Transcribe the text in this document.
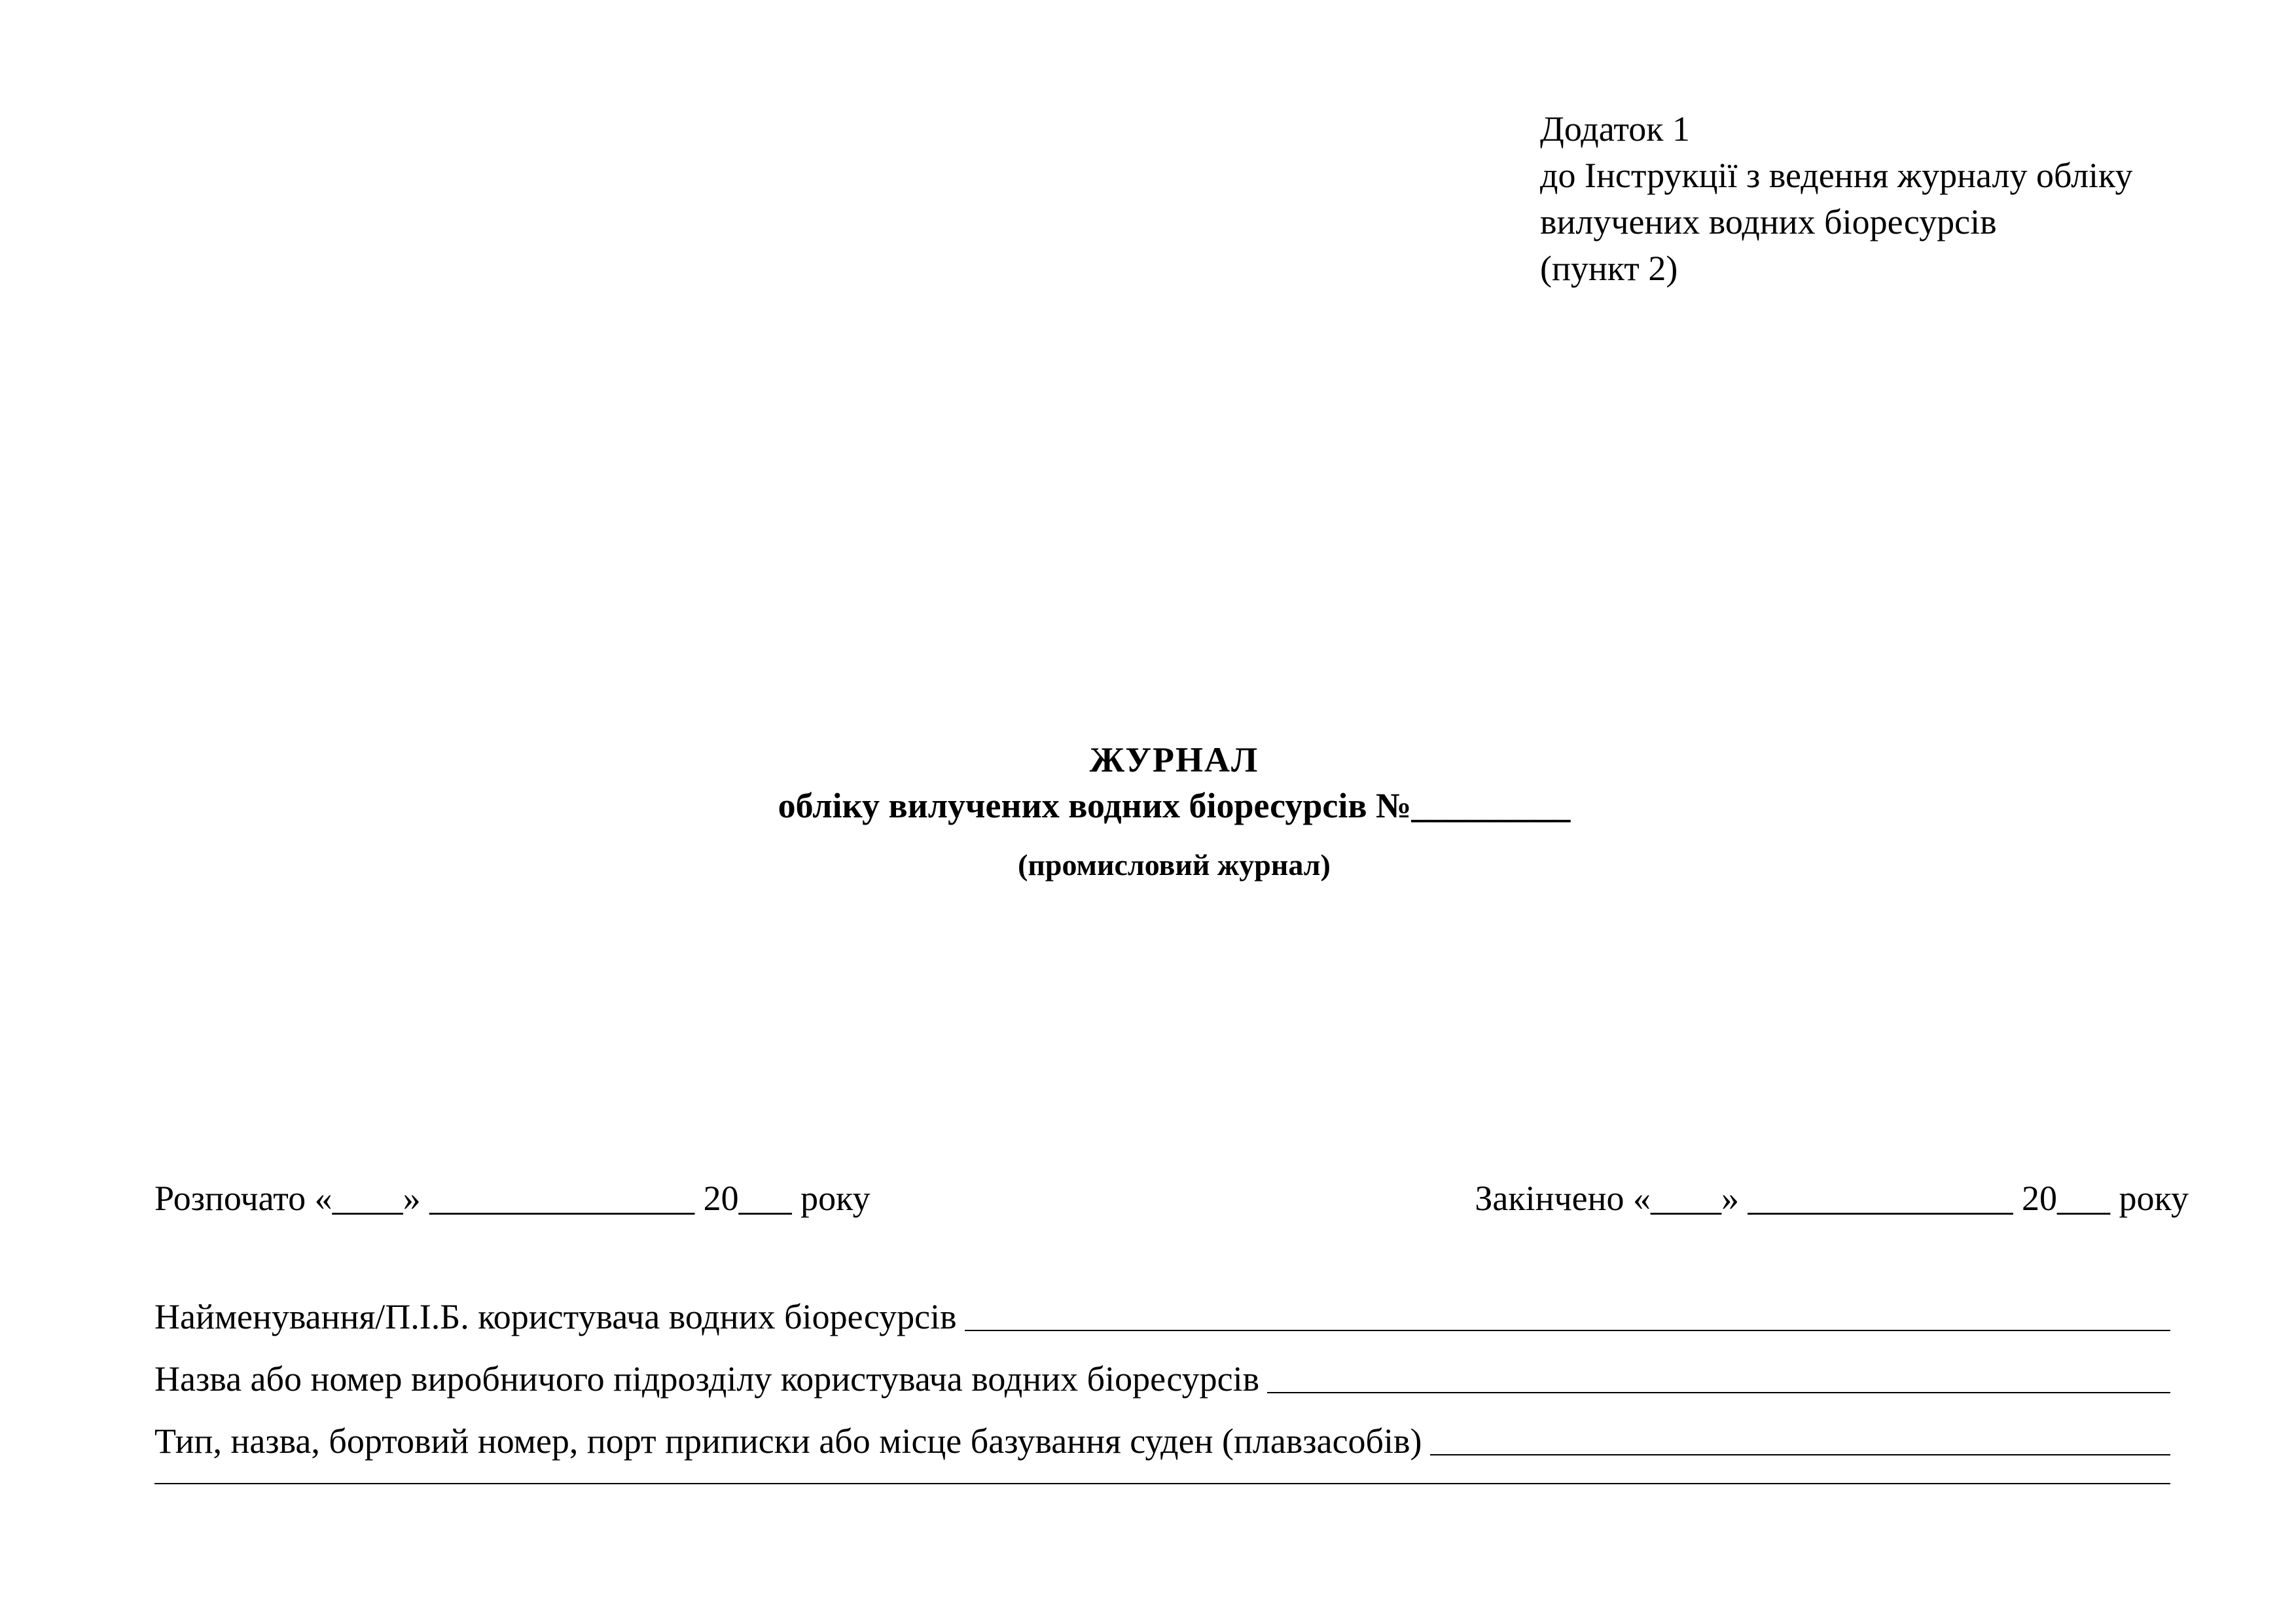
Додаток 1
до Інструкції з ведення журналу обліку
вилучених водних біоресурсів
(пункт 2)
ЖУРНАЛ
обліку вилучених водних біоресурсів №_________
(промисловий журнал)
Розпочато «____» _______________ 20___ року	Закінчено «____» _______________ 20___ року
Найменування/П.І.Б. користувача водних біоресурсів
Назва або номер виробничого підрозділу користувача водних біоресурсів
Тип, назва, бортовий номер, порт приписки або місце базування суден (плавзасобів)
